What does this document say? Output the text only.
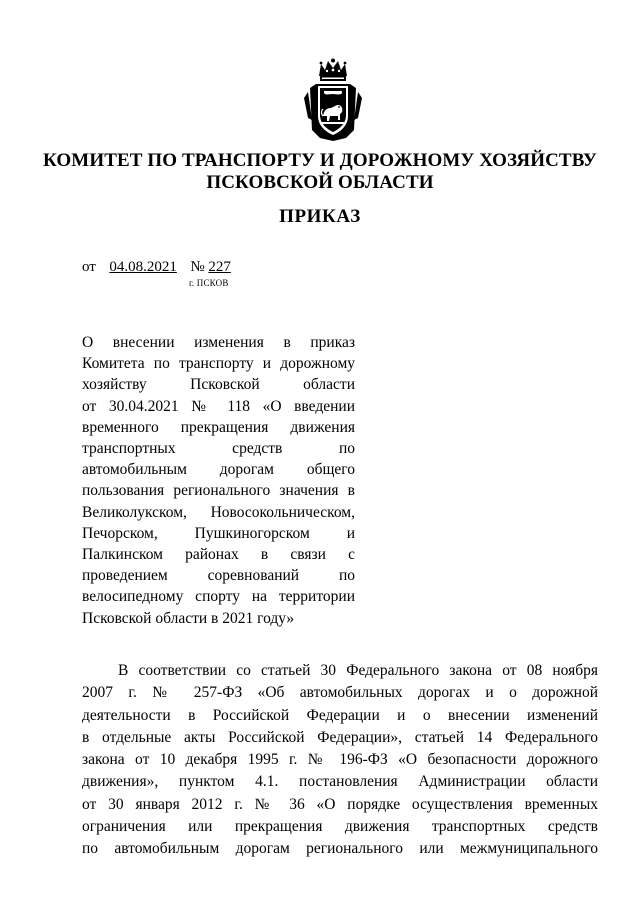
КОМИТЕТ ПО ТРАНСПОРТУ И ДОРОЖНОМУ ХОЗЯЙСТВУ
ПСКОВСКОЙ ОБЛАСТИ
ПРИКАЗ
от 04.08.2021 № 227
г. ПСКОВ
О внесении изменения в приказ
Комитета по транспорту и дорожному
хозяйству Псковской области
от 30.04.2021 № 118 «О введении
временного прекращения движения
транспортных средств по
автомобильным дорогам общего
пользования регионального значения в
Великолукском, Новосокольническом,
Печорском, Пушкиногорском и
Палкинском районах в связи с
проведением соревнований по
велосипедному спорту на территории
Псковской области в 2021 году»
В соответствии со статьей 30 Федерального закона от 08 ноября
2007 г. № 257-ФЗ «Об автомобильных дорогах и о дорожной
деятельности в Российской Федерации и о внесении изменений
в отдельные акты Российской Федерации», статьей 14 Федерального
закона от 10 декабря 1995 г. № 196-ФЗ «О безопасности дорожного
движения», пунктом 4.1. постановления Администрации области
от 30 января 2012 г. № 36 «О порядке осуществления временных
ограничения или прекращения движения транспортных средств
по автомобильным дорогам регионального или межмуниципального
